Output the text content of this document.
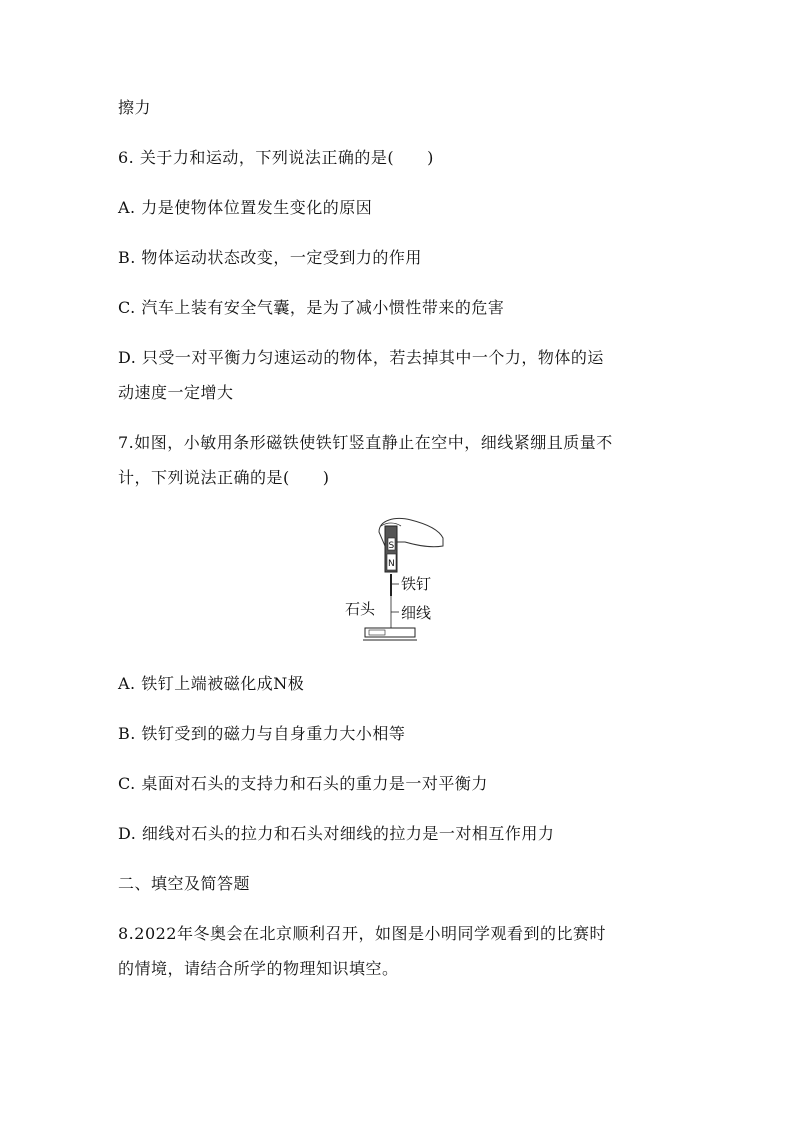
擦力

6. 关于力和运动，下列说法正确的是(　　)

A. 力是使物体位置发生变化的原因

B. 物体运动状态改变，一定受到力的作用

C. 汽车上装有安全气囊，是为了减小惯性带来的危害

D. 只受一对平衡力匀速运动的物体，若去掉其中一个力，物体的运

动速度一定增大

7.如图，小敏用条形磁铁使铁钉竖直静止在空中，细线紧绷且质量不

计，下列说法正确的是(　　)

S
N
铁钉
细线
石头

A. 铁钉上端被磁化成N极

B. 铁钉受到的磁力与自身重力大小相等

C. 桌面对石头的支持力和石头的重力是一对平衡力

D. 细线对石头的拉力和石头对细线的拉力是一对相互作用力

二、填空及简答题

8.2022年冬奥会在北京顺利召开，如图是小明同学观看到的比赛时

的情境，请结合所学的物理知识填空。
